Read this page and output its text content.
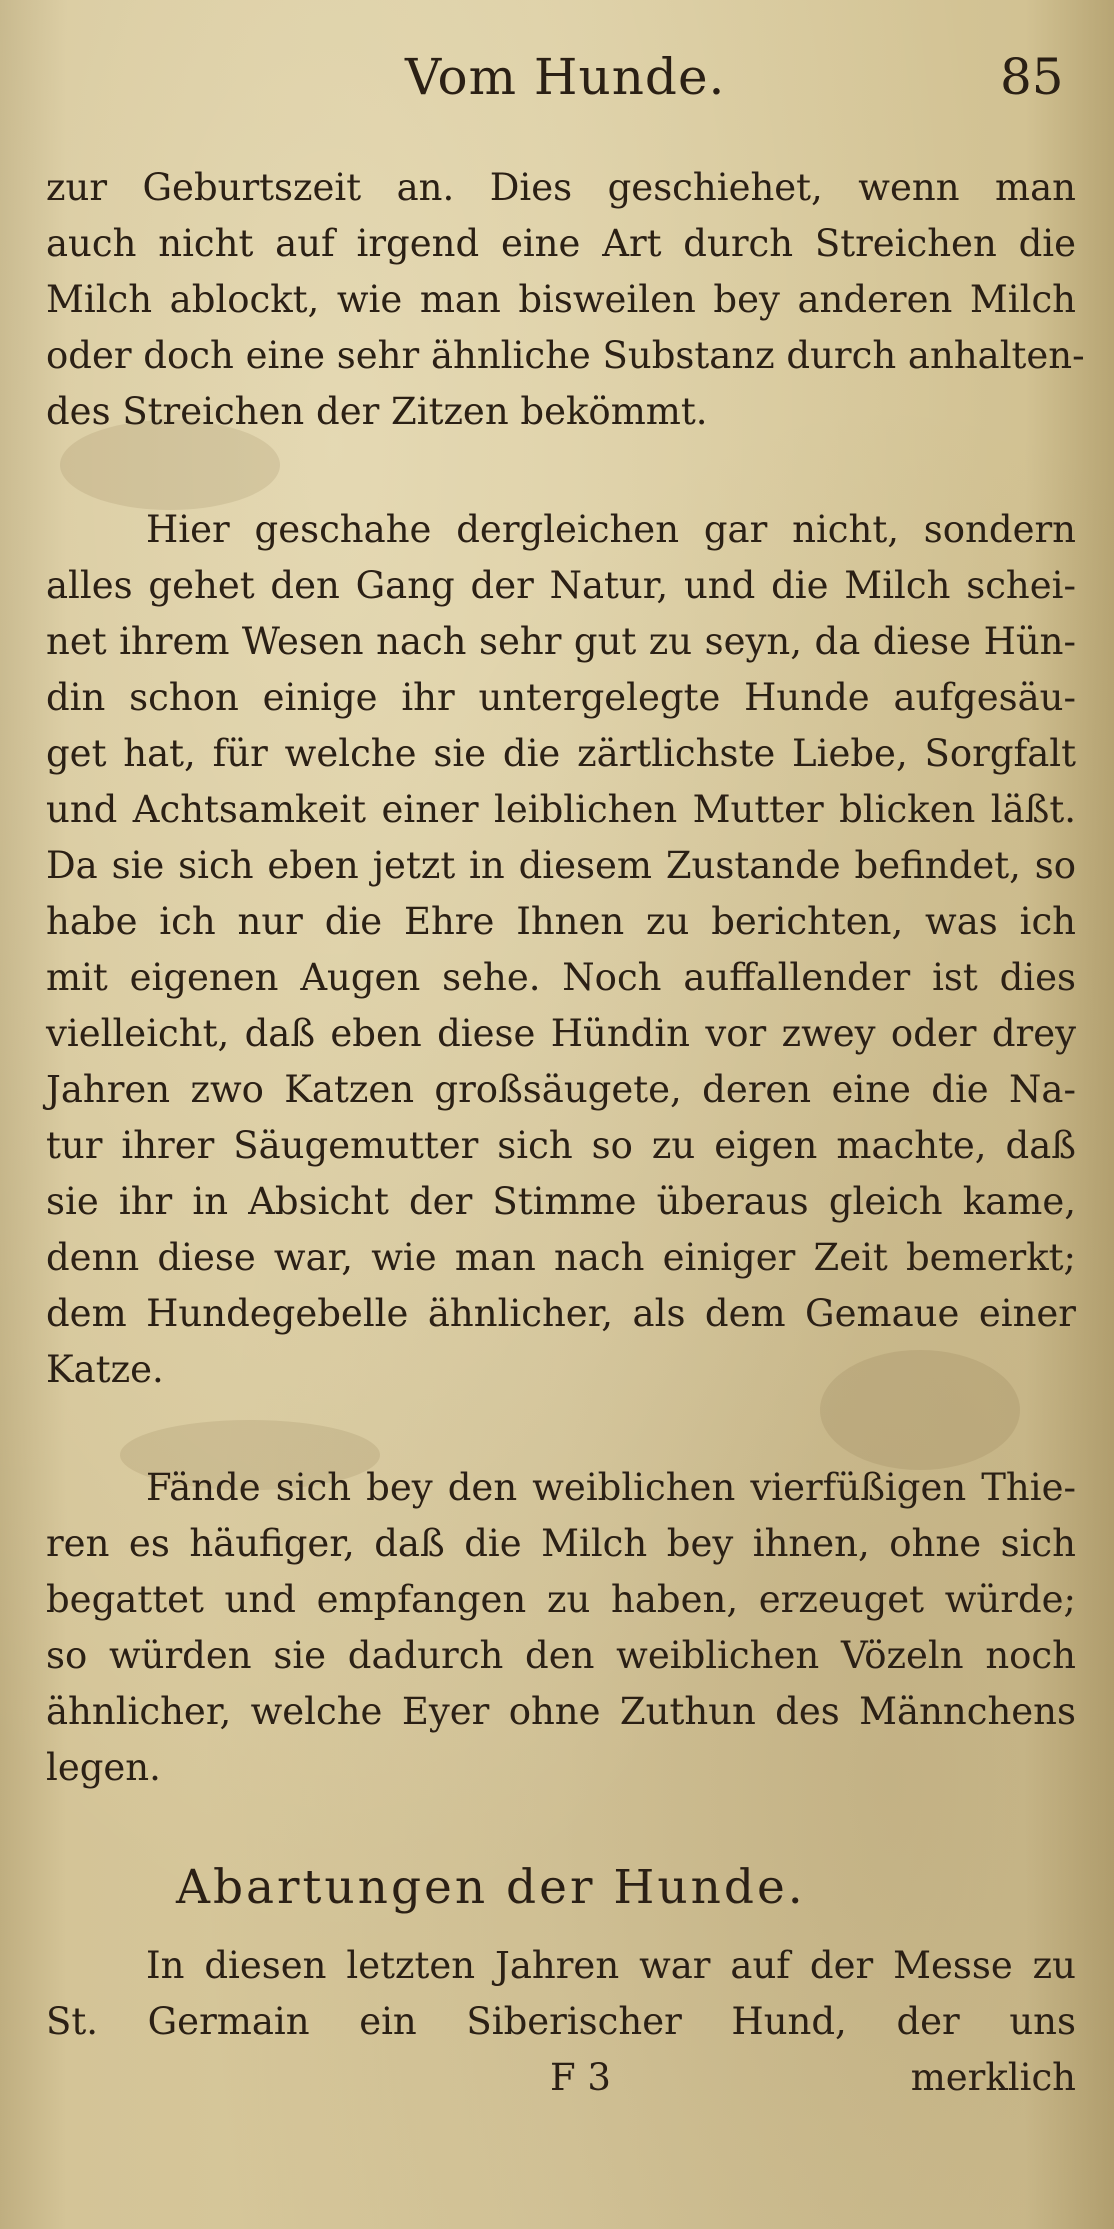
Vom Hunde.	85
zur Geburtszeit an. Dies geschiehet, wenn man
auch nicht auf irgend eine Art durch Streichen die
Milch ablockt, wie man bisweilen bey anderen Milch
oder doch eine sehr ähnliche Substanz durch anhalten-
des Streichen der Zitzen bekömmt.
Hier geschahe dergleichen gar nicht, sondern
alles gehet den Gang der Natur, und die Milch schei-
net ihrem Wesen nach sehr gut zu seyn, da diese Hün-
din schon einige ihr untergelegte Hunde aufgesäu-
get hat, für welche sie die zärtlichste Liebe, Sorgfalt
und Achtsamkeit einer leiblichen Mutter blicken läßt.
Da sie sich eben jetzt in diesem Zustande befindet, so
habe ich nur die Ehre Ihnen zu berichten, was ich
mit eigenen Augen sehe. Noch auffallender ist dies
vielleicht, daß eben diese Hündin vor zwey oder drey
Jahren zwo Katzen großsäugete, deren eine die Na-
tur ihrer Säugemutter sich so zu eigen machte, daß
sie ihr in Absicht der Stimme überaus gleich kame,
denn diese war, wie man nach einiger Zeit bemerkt;
dem Hundegebelle ähnlicher, als dem Gemaue einer
Katze.
Fände sich bey den weiblichen vierfüßigen Thie-
ren es häufiger, daß die Milch bey ihnen, ohne sich
begattet und empfangen zu haben, erzeuget würde;
so würden sie dadurch den weiblichen Vözeln noch
ähnlicher, welche Eyer ohne Zuthun des Männchens
legen.
Abartungen der Hunde.
In diesen letzten Jahren war auf der Messe zu
St. Germain ein Siberischer Hund, der uns
F 3	merklich
